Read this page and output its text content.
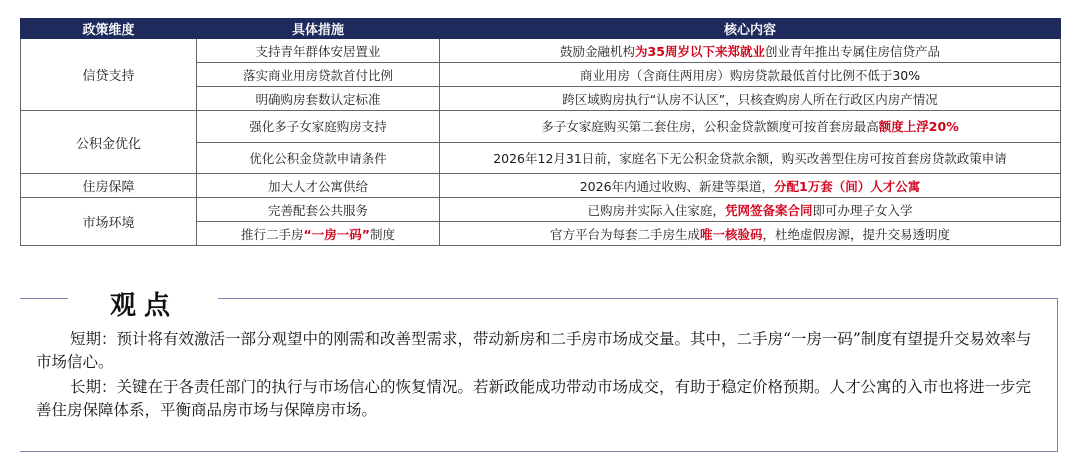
政策维度	具体措施	核心内容
信贷支持	支持青年群体安居置业	鼓励金融机构为35周岁以下来郑就业创业青年推出专属住房信贷产品
	落实商业用房贷款首付比例	商业用房（含商住两用房）购房贷款最低首付比例不低于30%
	明确购房套数认定标准	跨区域购房执行“认房不认区”，只核查购房人所在行政区内房产情况
公积金优化	强化多子女家庭购房支持	多子女家庭购买第二套住房，公积金贷款额度可按首套房最高额度上浮20%
	优化公积金贷款申请条件	2026年12月31日前，家庭名下无公积金贷款余额，购买改善型住房可按首套房贷款政策申请
住房保障	加大人才公寓供给	2026年内通过收购、新建等渠道，分配1万套（间）人才公寓
市场环境	完善配套公共服务	已购房并实际入住家庭，凭网签备案合同即可办理子女入学
	推行二手房“一房一码”制度	官方平台为每套二手房生成唯一核验码，杜绝虚假房源，提升交易透明度
观点
短期：预计将有效激活一部分观望中的刚需和改善型需求，带动新房和二手房市场成交量。其中，二手房“一房一码”制度有望提升交易效率与市场信心。
长期：关键在于各责任部门的执行与市场信心的恢复情况。若新政能成功带动市场成交，有助于稳定价格预期。人才公寓的入市也将进一步完善住房保障体系，平衡商品房市场与保障房市场。
